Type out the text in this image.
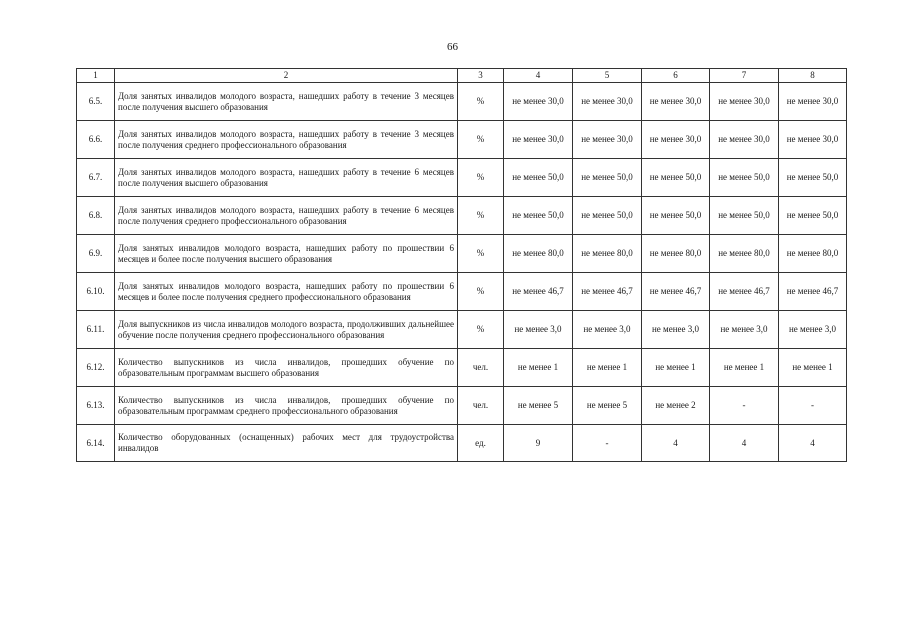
66
1	2	3	4	5	6	7	8
6.5.	Доля занятых инвалидов молодого возраста, нашедших работу в течение 3 месяцев после получения высшего образования	%	не менее 30,0	не менее 30,0	не менее 30,0	не менее 30,0	не менее 30,0
6.6.	Доля занятых инвалидов молодого возраста, нашедших работу в течение 3 месяцев после получения среднего профессионального образования	%	не менее 30,0	не менее 30,0	не менее 30,0	не менее 30,0	не менее 30,0
6.7.	Доля занятых инвалидов молодого возраста, нашедших работу в течение 6 месяцев после получения высшего образования	%	не менее 50,0	не менее 50,0	не менее 50,0	не менее 50,0	не менее 50,0
6.8.	Доля занятых инвалидов молодого возраста, нашедших работу в течение 6 месяцев после получения среднего профессионального образования	%	не менее 50,0	не менее 50,0	не менее 50,0	не менее 50,0	не менее 50,0
6.9.	Доля занятых инвалидов молодого возраста, нашедших работу по прошествии 6 месяцев и более после получения высшего образования	%	не менее 80,0	не менее 80,0	не менее 80,0	не менее 80,0	не менее 80,0
6.10.	Доля занятых инвалидов молодого возраста, нашедших работу по прошествии 6 месяцев и более после получения среднего профессионального образования	%	не менее 46,7	не менее 46,7	не менее 46,7	не менее 46,7	не менее 46,7
6.11.	Доля выпускников из числа инвалидов молодого возраста, продолживших дальнейшее обучение после получения среднего профессионального образования	%	не менее 3,0	не менее 3,0	не менее 3,0	не менее 3,0	не менее 3,0
6.12.	Количество выпускников из числа инвалидов, прошедших обучение по образовательным программам высшего образования	чел.	не менее 1	не менее 1	не менее 1	не менее 1	не менее 1
6.13.	Количество выпускников из числа инвалидов, прошедших обучение по образовательным программам среднего профессионального образования	чел.	не менее 5	не менее 5	не менее 2	-	-
6.14.	Количество оборудованных (оснащенных) рабочих мест для трудоустройства инвалидов	ед.	9	-	4	4	4
